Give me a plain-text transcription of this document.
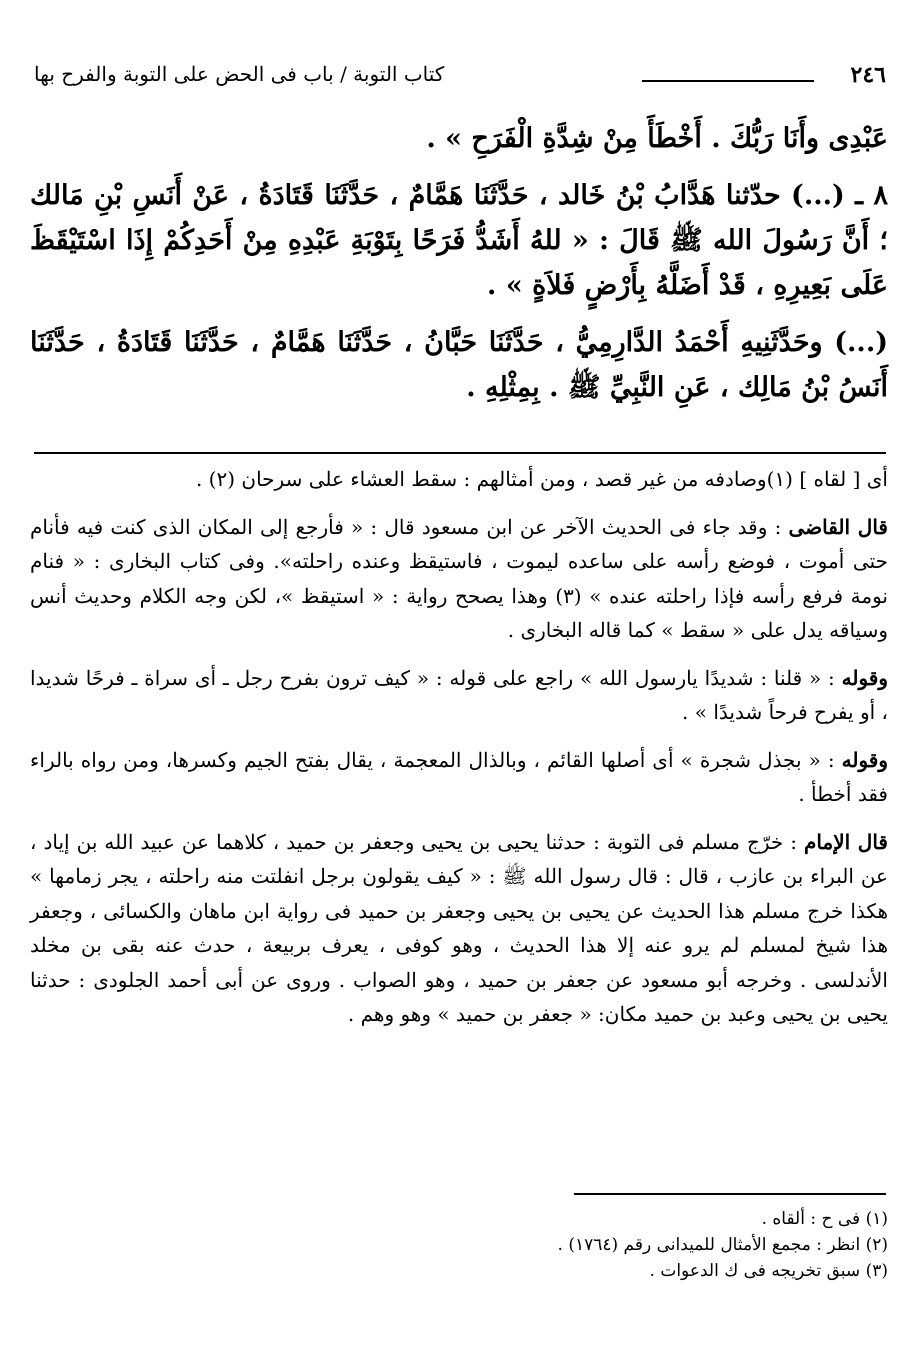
٢٤٦
كتاب التوبة / باب فى الحض على التوبة والفرح بها

عَبْدِى وأَنَا رَبُّكَ . أَخْطَأَ مِنْ شِدَّةِ الْفَرَحِ » .

٨ ـ (...) حدّثنا هَدَّابُ بْنُ خَالد ، حَدَّثَنَا هَمَّامٌ ، حَدَّثَنَا قَتَادَةُ ، عَنْ أَنَسِ بْنِ مَالك ؛ أَنَّ رَسُولَ الله ﷺ قَالَ : « للهُ أَشَدُّ فَرَحًا بِتَوْبَةِ عَبْدِهِ مِنْ أَحَدِكُمْ إِذَا اسْتَيْقَظَ عَلَى بَعِيرِهِ ، قَدْ أَضَلَّهُ بِأَرْضٍ فَلاَةٍ » .

(...) وحَدَّثَنِيهِ أَحْمَدُ الدَّارِمِيُّ ، حَدَّثَنَا حَبَّانُ ، حَدَّثَنَا هَمَّامٌ ، حَدَّثَنَا قَتَادَةُ ، حَدَّثَنَا أَنَسُ بْنُ مَالِك ، عَنِ النَّبِيِّ ﷺ . بِمِثْلِهِ .

أى [ لقاه ] (١)وصادفه من غير قصد ، ومن أمثالهم : سقط العشاء على سرحان (٢) .

قال القاضى : وقد جاء فى الحديث الآخر عن ابن مسعود قال : « فأرجع إلى المكان الذى كنت فيه فأنام حتى أموت ، فوضع رأسه على ساعده ليموت ، فاستيقظ وعنده راحلته». وفى كتاب البخارى : « فنام نومة فرفع رأسه فإذا راحلته عنده » (٣) وهذا يصحح رواية : « استيقظ »، لكن وجه الكلام وحديث أنس وسياقه يدل على « سقط » كما قاله البخارى .

وقوله : « قلنا : شديدًا يارسول الله » راجع على قوله : « كيف ترون بفرح رجل ـ أى سراة ـ فرحًا شديدا ، أو يفرح فرحاً شديدًا » .

وقوله : « بجذل شجرة » أى أصلها القائم ، وبالذال المعجمة ، يقال بفتح الجيم وكسرها، ومن رواه بالراء فقد أخطأ .

قال الإمام : خرّج مسلم فى التوبة : حدثنا يحيى بن يحيى وجعفر بن حميد ، كلاهما عن عبيد الله بن إياد ، عن البراء بن عازب ، قال : قال رسول الله ﷺ : « كيف يقولون برجل انفلتت منه راحلته ، يجر زمامها » هكذا خرج مسلم هذا الحديث عن يحيى بن يحيى وجعفر بن حميد فى رواية ابن ماهان والكسائى ، وجعفر هذا شيخ لمسلم لم يرو عنه إلا هذا الحديث ، وهو كوفى ، يعرف بربيعة ، حدث عنه بقى بن مخلد الأندلسى . وخرجه أبو مسعود عن جعفر بن حميد ، وهو الصواب . وروى عن أبى أحمد الجلودى : حدثنا يحيى بن يحيى وعبد بن حميد مكان: « جعفر بن حميد » وهو وهم .

(١) فى ح : ألقاه .
(٢) انظر : مجمع الأمثال للميدانى رقم (١٧٦٤) .
(٣) سبق تخريجه فى ك الدعوات .
